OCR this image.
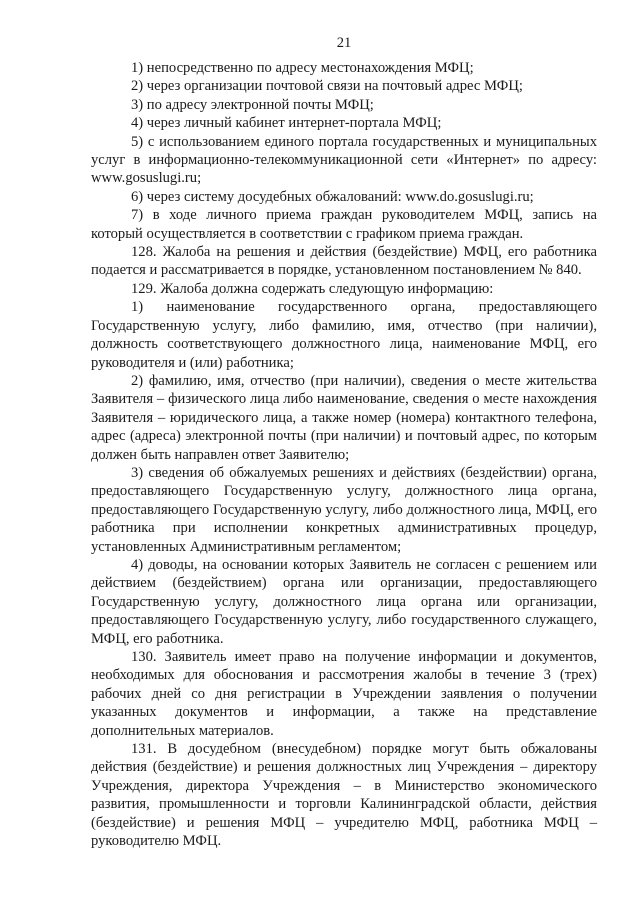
21

1) непосредственно по адресу местонахождения МФЦ;

2) через организации почтовой связи на почтовый адрес МФЦ;

3) по адресу электронной почты МФЦ;

4) через личный кабинет интернет-портала МФЦ;

5) с использованием единого портала государственных и муниципальных услуг в информационно-телекоммуникационной сети «Интернет» по адресу: www.gosuslugi.ru;

6) через систему досудебных обжалований: www.do.gosuslugi.ru;

7) в ходе личного приема граждан руководителем МФЦ, запись на который осуществляется в соответствии с графиком приема граждан.

128. Жалоба на решения и действия (бездействие) МФЦ, его работника подается и рассматривается в порядке, установленном постановлением № 840.

129. Жалоба должна содержать следующую информацию:

1) наименование государственного органа, предоставляющего Государственную услугу, либо фамилию, имя, отчество (при наличии), должность соответствующего должностного лица, наименование МФЦ, его руководителя и (или) работника;

2) фамилию, имя, отчество (при наличии), сведения о месте жительства Заявителя – физического лица либо наименование, сведения о месте нахождения Заявителя – юридического лица, а также номер (номера) контактного телефона, адрес (адреса) электронной почты (при наличии) и почтовый адрес, по которым должен быть направлен ответ Заявителю;

3) сведения об обжалуемых решениях и действиях (бездействии) органа, предоставляющего Государственную услугу, должностного лица органа, предоставляющего Государственную услугу, либо должностного лица, МФЦ, его работника при исполнении конкретных административных процедур, установленных Административным регламентом;

4) доводы, на основании которых Заявитель не согласен с решением или действием (бездействием) органа или организации, предоставляющего Государственную услугу, должностного лица органа или организации, предоставляющего Государственную услугу, либо государственного служащего, МФЦ, его работника.

130. Заявитель имеет право на получение информации и документов, необходимых для обоснования и рассмотрения жалобы в течение 3 (трех) рабочих дней со дня регистрации в Учреждении заявления о получении указанных документов и информации, а также на представление дополнительных материалов.

131. В досудебном (внесудебном) порядке могут быть обжалованы действия (бездействие) и решения должностных лиц Учреждения – директору Учреждения, директора Учреждения – в Министерство экономического развития, промышленности и торговли Калининградской области, действия (бездействие) и решения МФЦ – учредителю МФЦ, работника МФЦ – руководителю МФЦ.
